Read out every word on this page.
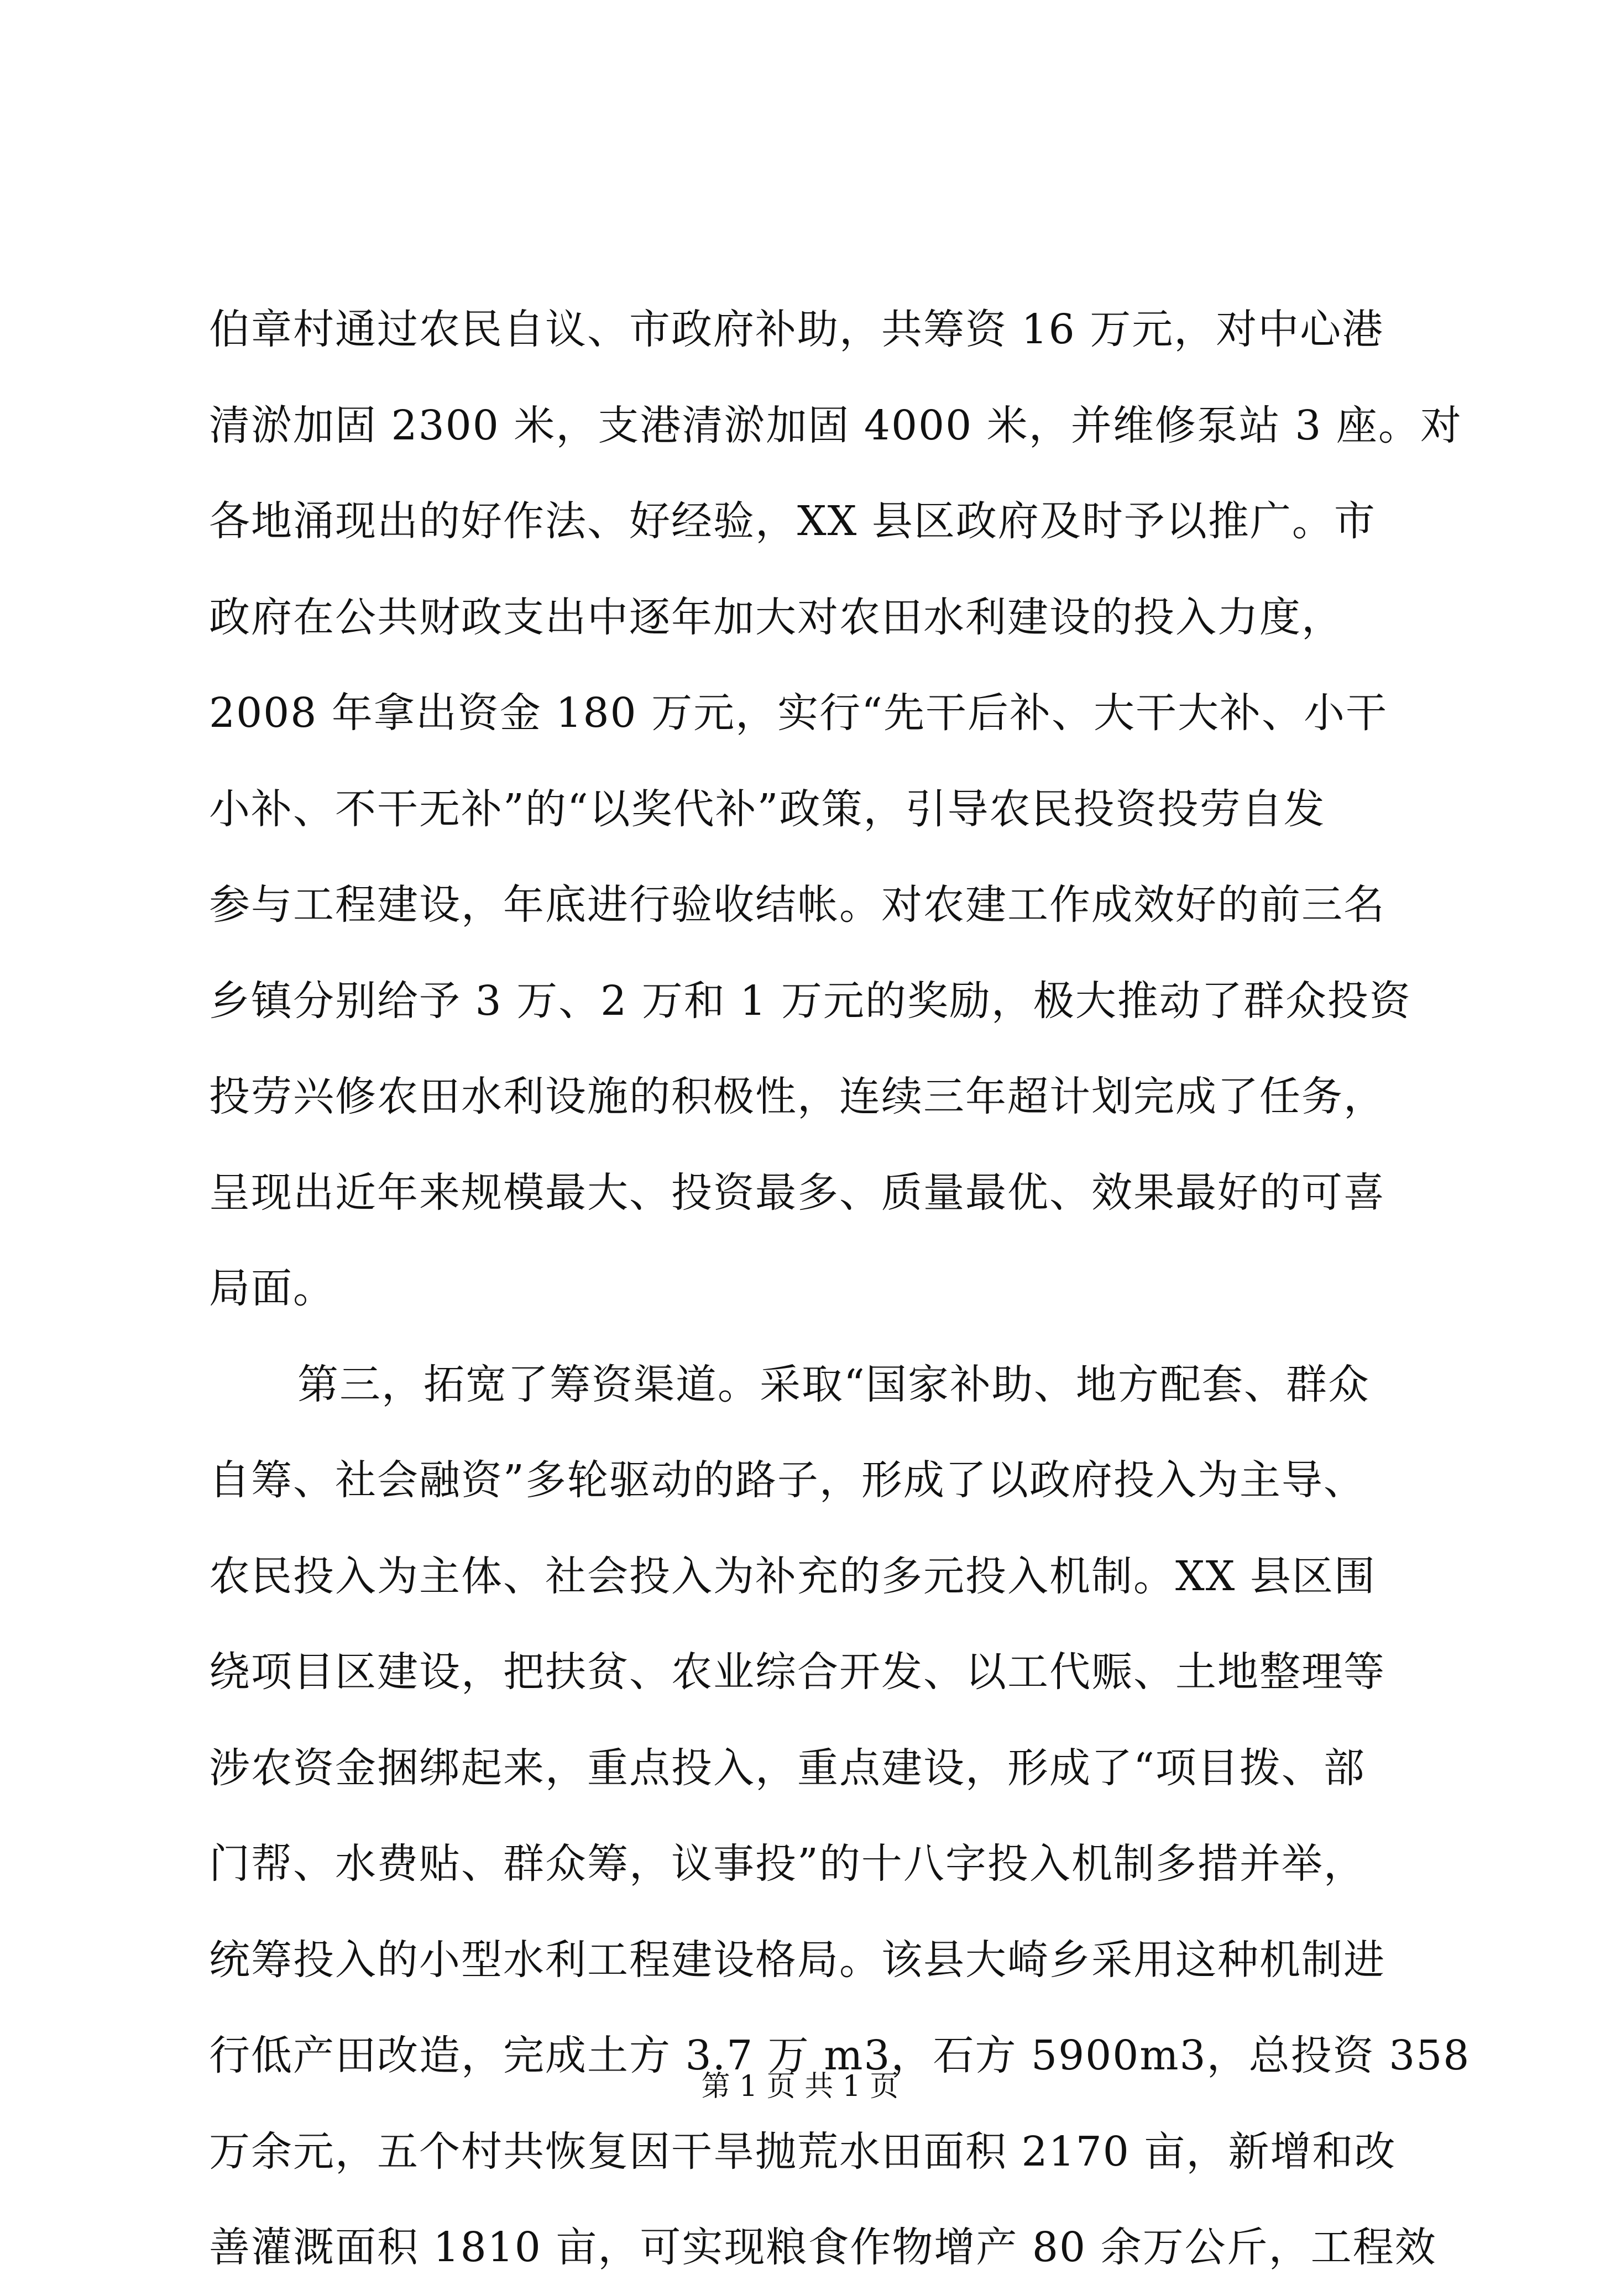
伯章村通过农民自议、市政府补助，共筹资 16 万元，对中心港
清淤加固 2300 米，支港清淤加固 4000 米，并维修泵站 3 座。对
各地涌现出的好作法、好经验，XX 县区政府及时予以推广。市
政府在公共财政支出中逐年加大对农田水利建设的投入力度，
2008 年拿出资金 180 万元，实行“先干后补、大干大补、小干
小补、不干无补”的“以奖代补”政策，引导农民投资投劳自发
参与工程建设，年底进行验收结帐。对农建工作成效好的前三名
乡镇分别给予 3 万、2 万和 1 万元的奖励，极大推动了群众投资
投劳兴修农田水利设施的积极性，连续三年超计划完成了任务，
呈现出近年来规模最大、投资最多、质量最优、效果最好的可喜
局面。
第三，拓宽了筹资渠道。采取“国家补助、地方配套、群众
自筹、社会融资”多轮驱动的路子，形成了以政府投入为主导、
农民投入为主体、社会投入为补充的多元投入机制。XX 县区围
绕项目区建设，把扶贫、农业综合开发、以工代赈、土地整理等
涉农资金捆绑起来，重点投入，重点建设，形成了“项目拨、部
门帮、水费贴、群众筹，议事投”的十八字投入机制多措并举，
统筹投入的小型水利工程建设格局。该县大崎乡采用这种机制进
行低产田改造，完成土方 3.7 万 m3，石方 5900m3，总投资 358
万余元，五个村共恢复因干旱抛荒水田面积 2170 亩，新增和改
善灌溉面积 1810 亩，可实现粮食作物增产 80 余万公斤，工程效
第 1 页 共 1 页
